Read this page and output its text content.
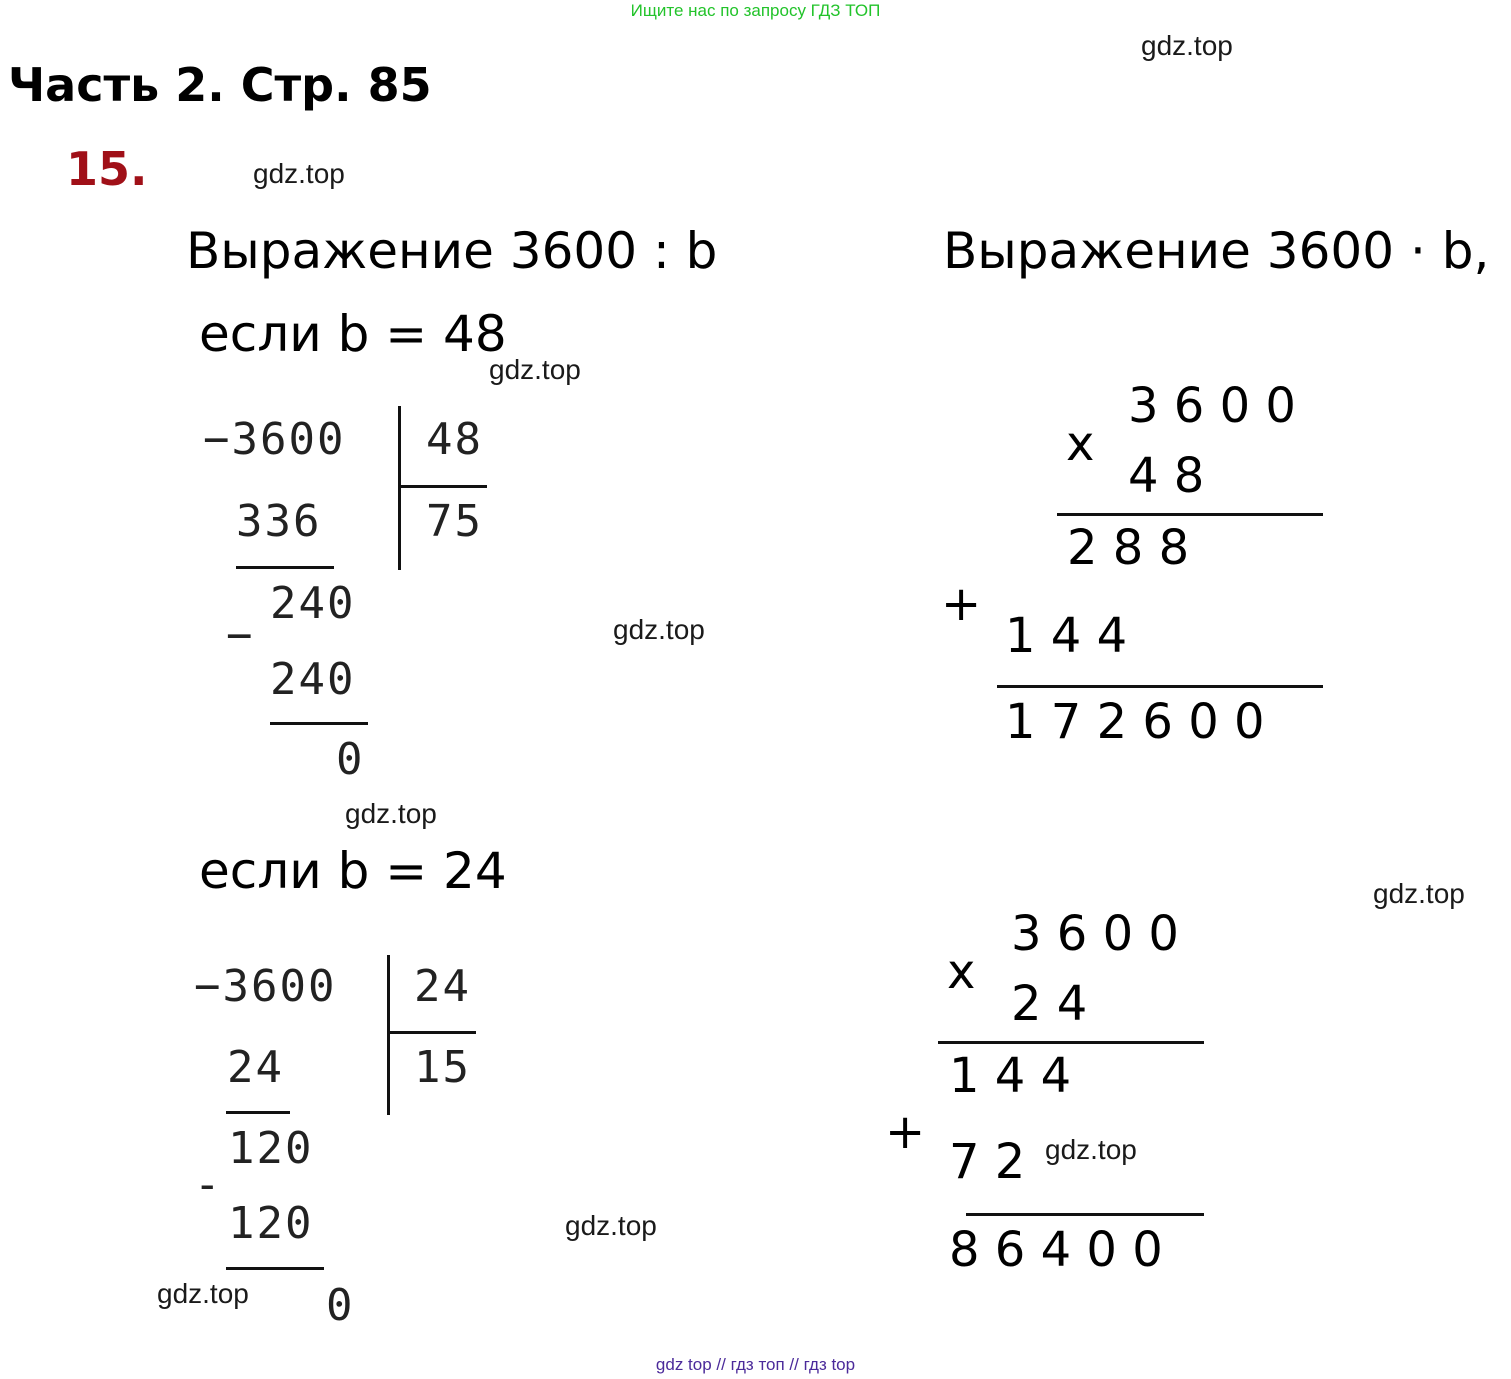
Ищите нас по запросу ГДЗ ТОП
Часть 2. Стр. 85
15.
gdz.top
gdz.top
gdz.top
gdz.top
gdz.top
gdz.top
gdz.top
gdz.top
gdz.top
Выражение 3600 : b
если b = 48
−3600 48
75
336
240
−
240
0
если b = 24
−3600 24
15
24
120
-
120
0
Выражение 3600 · b,
3 6 0 0
x
4 8
2 8 8
+
1 4 4
1 7 2 6 0 0
3 6 0 0
x
2 4
1 4 4
+
7 2
8 6 4 0 0
gdz top // гдз топ // гдз top
